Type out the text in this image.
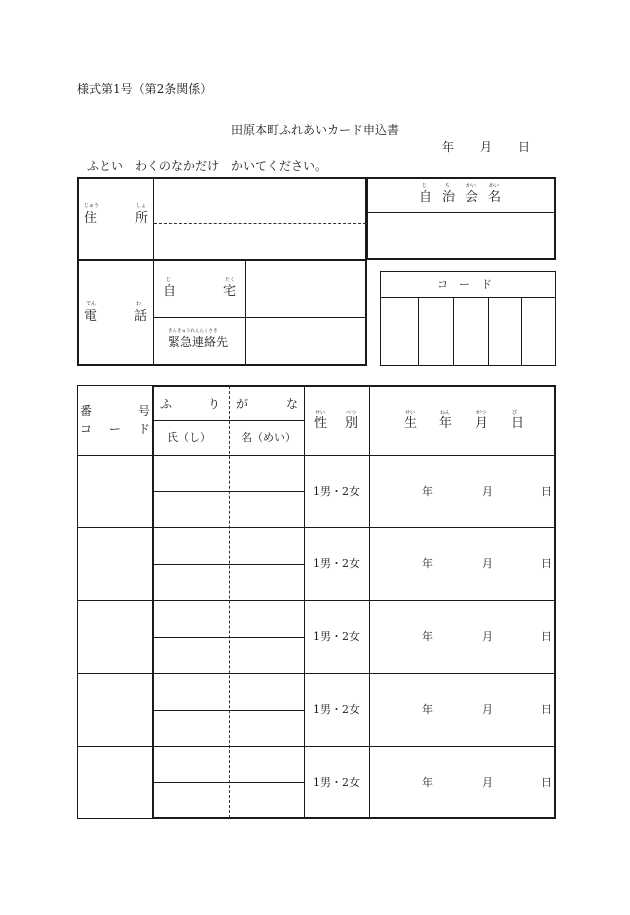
様式第1号（第2条関係）
田原本町ふれあいカード申込書
年 月 日
ふとい　わくのなかだけ　かいてください。
じゅう	しょ
住	所
じ	ち	かい	めい
自 治 会 名
でん	わ
電	話
じ	たく
自	宅
きんきゅうれんらくさき
緊急連絡先
コ　ー　ド
番	号
コ ー ド
ふ	り が	な
氏（し）	名（めい）
せい	べつ
性 別
せい	ねん	がつ	ぴ
生 年 月 日
1男・2女	年	月	日
1男・2女	年	月	日
1男・2女	年	月	日
1男・2女	年	月	日
1男・2女	年	月	日
